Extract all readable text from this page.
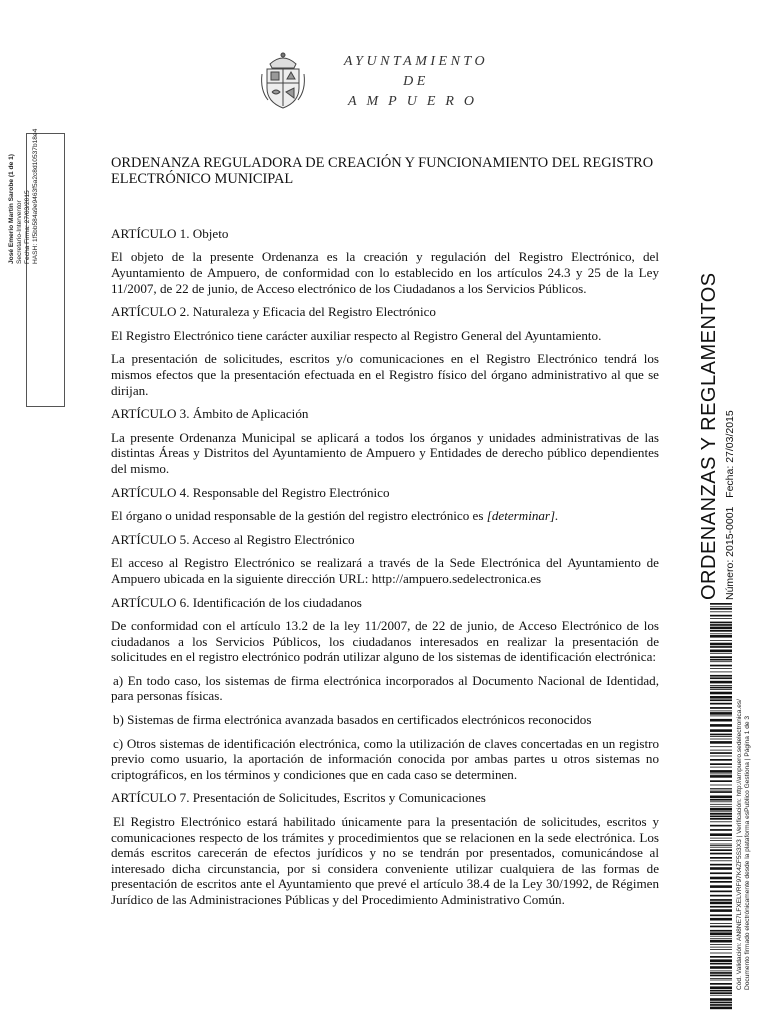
AYUNTAMIENTO
DE
AMPUERO
José Emerio Martín Sarobe (1 de 1) Secretario-Interventor Fecha Firma: 27/03/2015 HASH: 1f5bb584a9e9463f5a2c8d10537b18e4
ORDENANZAS Y REGLAMENTOS Número: 2015-0001   Fecha: 27/03/2015
Cód. Validación: AN8NE7LFXELVRF97K4ZF5S3X3 | Verificación: http://ampuero.sedelectronica.es/ Documento firmado electrónicamente desde la plataforma esPublico Gestiona | Página 1 de 3
ORDENANZA REGULADORA DE CREACIÓN Y FUNCIONAMIENTO DEL REGISTRO ELECTRÓNICO MUNICIPAL

ARTÍCULO 1. Objeto

El objeto de la presente Ordenanza es la creación y regulación del Registro Electrónico, del Ayuntamiento de Ampuero, de conformidad con lo establecido en los artículos 24.3 y 25 de la Ley 11/2007, de 22 de junio, de Acceso electrónico de los Ciudadanos a los Servicios Públicos.

ARTÍCULO 2. Naturaleza y Eficacia del Registro Electrónico

El Registro Electrónico tiene carácter auxiliar respecto al Registro General del Ayuntamiento.

La presentación de solicitudes, escritos y/o comunicaciones en el Registro Electrónico tendrá los mismos efectos que la presentación efectuada en el Registro físico del órgano administrativo al que se dirijan.

ARTÍCULO 3. Ámbito de Aplicación

La presente Ordenanza Municipal se aplicará a todos los órganos y unidades administrativas de las distintas Áreas y Distritos del Ayuntamiento de Ampuero y Entidades de derecho público dependientes del mismo.

ARTÍCULO 4. Responsable del Registro Electrónico

El órgano o unidad responsable de la gestión del registro electrónico es [determinar].

ARTÍCULO 5. Acceso al Registro Electrónico

El acceso al Registro Electrónico se realizará a través de la Sede Electrónica del Ayuntamiento de Ampuero ubicada en la siguiente dirección URL: http://ampuero.sedelectronica.es

ARTÍCULO 6. Identificación de los ciudadanos

De conformidad con el artículo 13.2 de la ley 11/2007, de 22 de junio, de Acceso Electrónico de los ciudadanos a los Servicios Públicos, los ciudadanos interesados en realizar la presentación de solicitudes en el registro electrónico podrán utilizar alguno de los sistemas de identificación electrónica:

a) En todo caso, los sistemas de firma electrónica incorporados al Documento Nacional de Identidad, para personas físicas.

b) Sistemas de firma electrónica avanzada basados en certificados electrónicos reconocidos

c) Otros sistemas de identificación electrónica, como la utilización de claves concertadas en un registro previo como usuario, la aportación de información conocida por ambas partes u otros sistemas no criptográficos, en los términos y condiciones que en cada caso se determinen.

ARTÍCULO 7. Presentación de Solicitudes, Escritos y Comunicaciones

El Registro Electrónico estará habilitado únicamente para la presentación de solicitudes, escritos y comunicaciones respecto de los trámites y procedimientos que se relacionen en la sede electrónica. Los demás escritos carecerán de efectos jurídicos y no se tendrán por presentados, comunicándose al interesado dicha circunstancia, por si considera conveniente utilizar cualquiera de las formas de presentación de escritos ante el Ayuntamiento que prevé el artículo 38.4 de la Ley 30/1992, de Régimen Jurídico de las Administraciones Públicas y del Procedimiento Administrativo Común.
